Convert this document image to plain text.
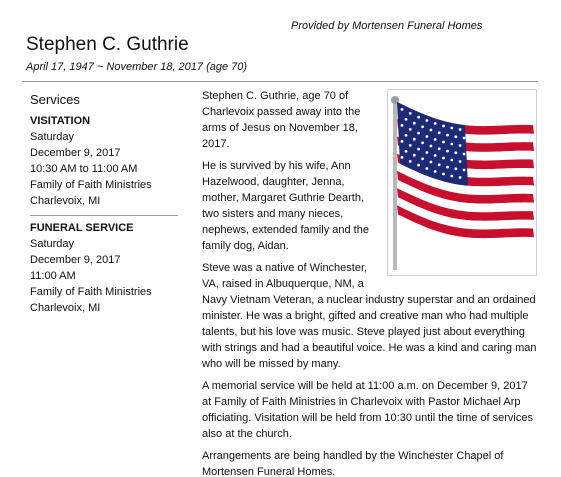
Provided by Mortensen Funeral Homes
Stephen C. Guthrie
April 17, 1947 ~ November 18, 2017 (age 70)
Services
VISITATION
Saturday
December 9, 2017
10:30 AM to 11:00 AM
Family of Faith Ministries
Charlevoix, MI
FUNERAL SERVICE
Saturday
December 9, 2017
11:00 AM
Family of Faith Ministries
Charlevoix, MI

Stephen C. Guthrie, age 70 of Charlevoix passed away into the arms of Jesus on November 18, 2017.

He is survived by his wife, Ann Hazelwood, daughter, Jenna, mother, Margaret Guthrie Dearth, two sisters and many nieces, nephews, extended family and the family dog, Aidan.

Steve was a native of Winchester, VA, raised in Albuquerque, NM, a Navy Vietnam Veteran, a nuclear industry superstar and an ordained minister. He was a bright, gifted and creative man who had multiple talents, but his love was music. Steve played just about everything with strings and had a beautiful voice. He was a kind and caring man who will be missed by many.

A memorial service will be held at 11:00 a.m. on December 9, 2017 at Family of Faith Ministries in Charlevoix with Pastor Michael Arp officiating. Visitation will be held from 10:30 until the time of services also at the church.

Arrangements are being handled by the Winchester Chapel of Mortensen Funeral Homes.
